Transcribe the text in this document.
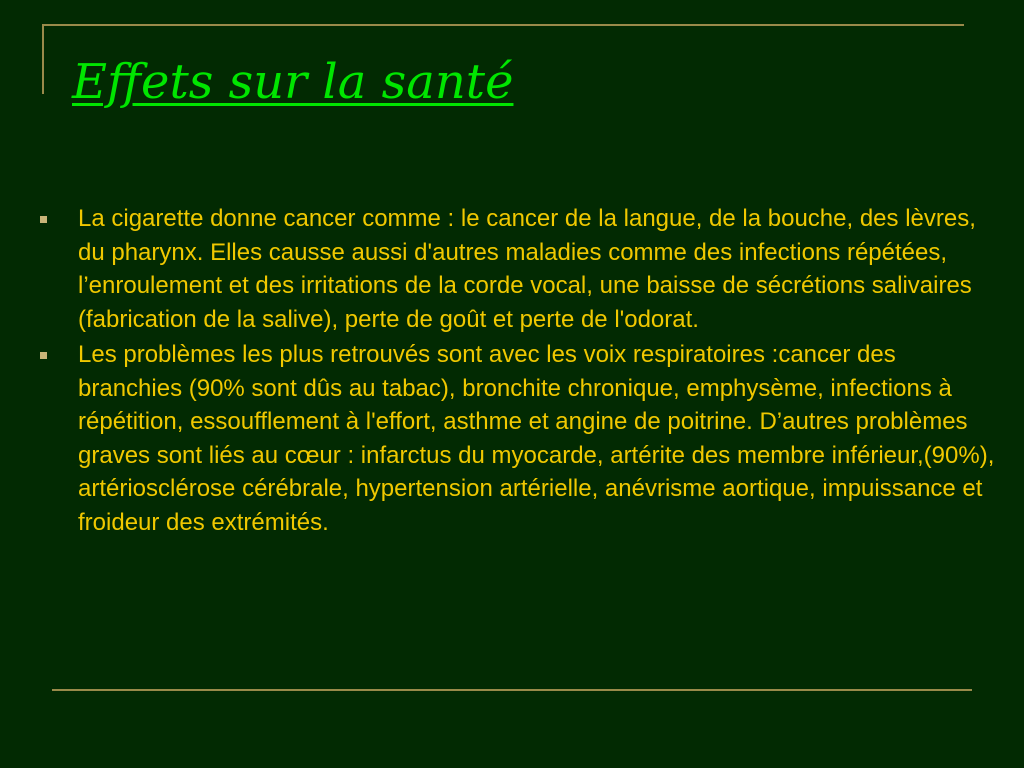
Effets sur la santé
La cigarette donne cancer comme : le cancer de la langue, de la bouche, des lèvres, du pharynx. Elles causse aussi d'autres maladies comme des infections répétées, l’enroulement et des irritations de la corde vocal, une baisse de sécrétions salivaires (fabrication de la salive), perte de goût et perte de l'odorat.
Les problèmes les plus retrouvés sont avec les voix respiratoires :cancer des branchies (90% sont dûs au tabac), bronchite chronique, emphysème, infections à répétition, essoufflement à l'effort, asthme et angine de poitrine. D’autres problèmes graves sont liés au cœur : infarctus du myocarde, artérite des membre inférieur,(90%), artériosclérose cérébrale, hypertension artérielle, anévrisme aortique, impuissance et froideur des extrémités.
